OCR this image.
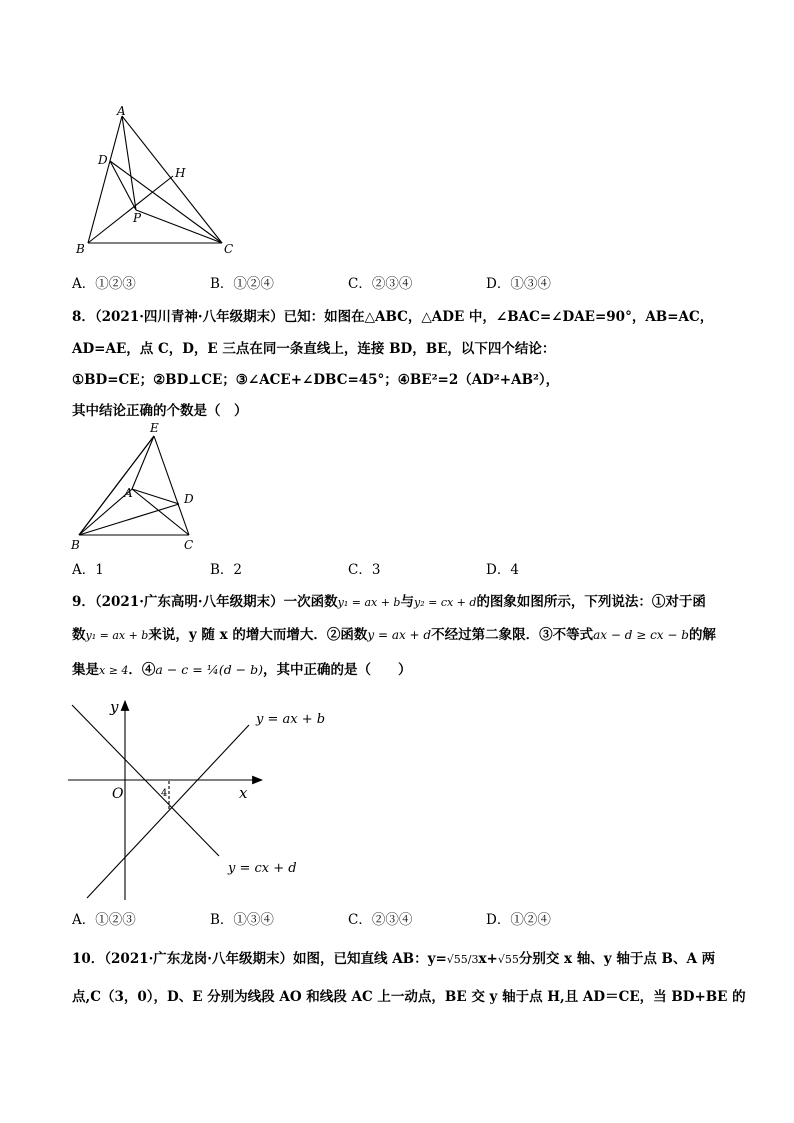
A
D
H
P
B	C
A．①②③	B．①②④	C．②③④	D．①③④
8．（2021·四川青神·八年级期末）已知：如图在△ABC，△ADE 中，∠BAC=∠DAE=90°，AB=AC，
AD=AE，点 C，D，E 三点在同一条直线上，连接 BD，BE，以下四个结论：
①BD=CE；②BD⊥CE；③∠ACE+∠DBC=45°；④BE²=2（AD²+AB²），
其中结论正确的个数是（　）
E
A	D
B	C
A．1	B．2	C．3	D．4
9．（2021·广东高明·八年级期末）一次函数y₁ = ax + b与y₂ = cx + d的图象如图所示，下列说法：①对于函
数y₁ = ax + b来说，y 随 x 的增大而增大．②函数y = ax + d不经过第二象限．③不等式ax − d ≥ cx − b的解
集是x ≥ 4．④a − c = ¼(d − b)，其中正确的是（　　）
y
x
O	4
y = ax + b
y = cx + d
A．①②③	B．①③④	C．②③④	D．①②④
10．（2021·广东龙岗·八年级期末）如图，已知直线 AB：y=√55/3x+√55分别交 x 轴、y 轴于点 B、A 两
点,C（3，0），D、E 分别为线段 AO 和线段 AC 上一动点，BE 交 y 轴于点 H,且 AD＝CE，当 BD+BE 的
